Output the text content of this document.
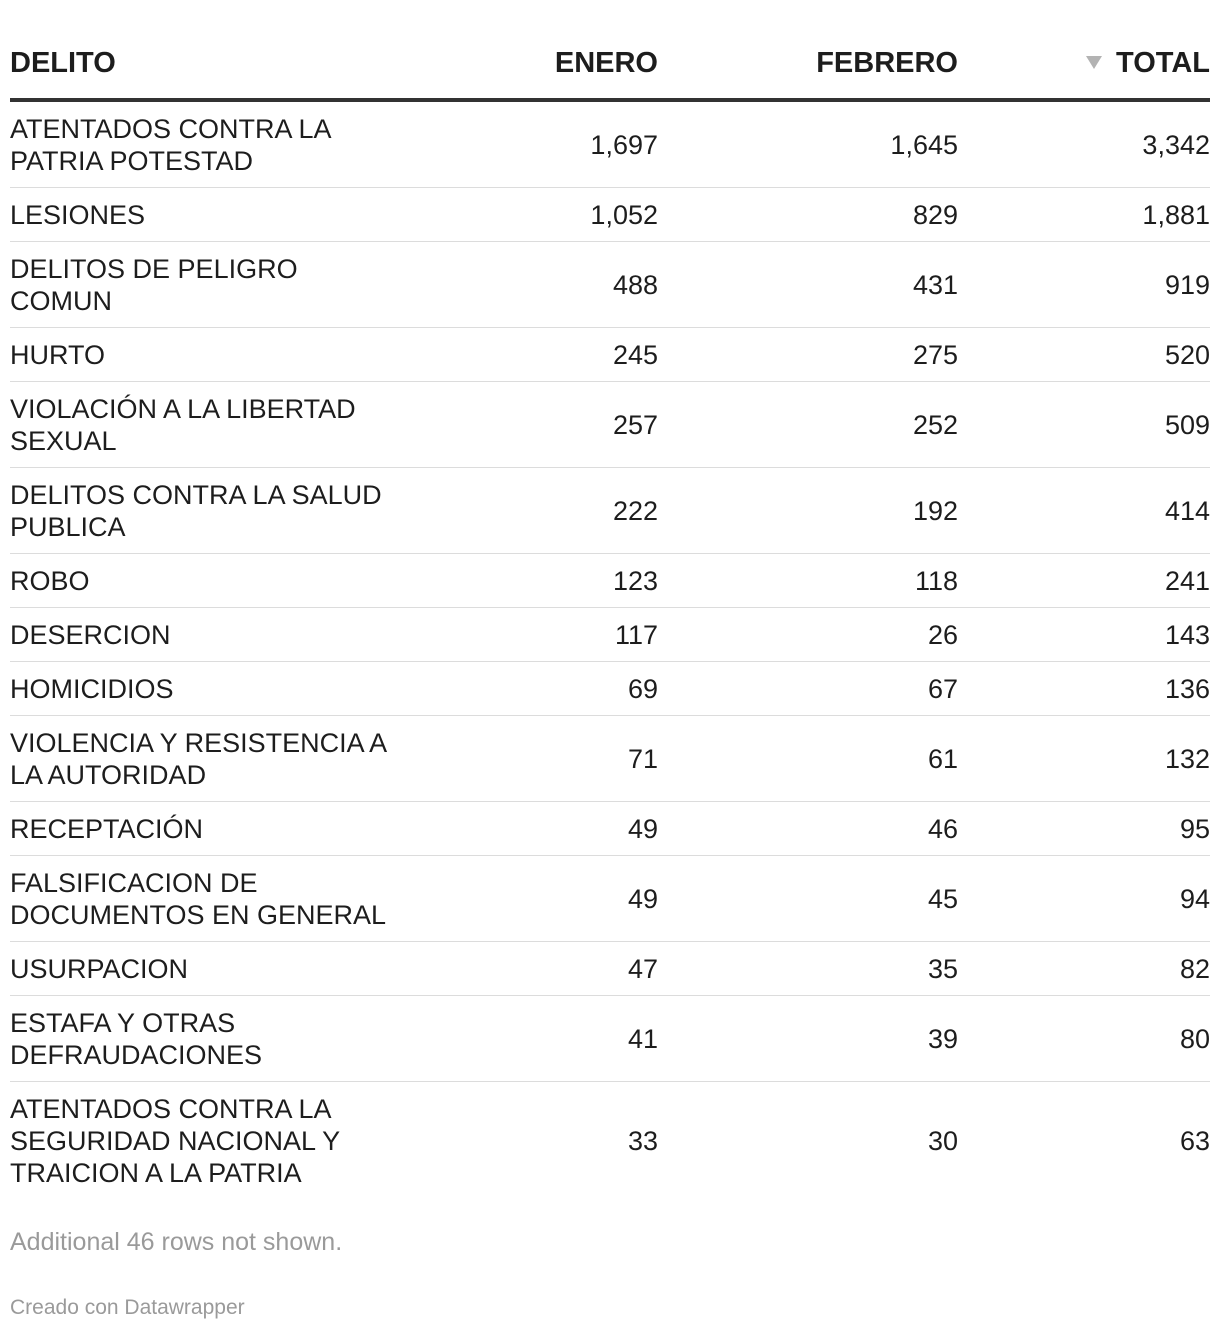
DELITO	ENERO	FEBRERO	TOTAL
ATENTADOS CONTRA LA PATRIA POTESTAD	1,697	1,645	3,342
LESIONES	1,052	829	1,881
DELITOS DE PELIGRO COMUN	488	431	919
HURTO	245	275	520
VIOLACIÓN A LA LIBERTAD SEXUAL	257	252	509
DELITOS CONTRA LA SALUD PUBLICA	222	192	414
ROBO	123	118	241
DESERCION	117	26	143
HOMICIDIOS	69	67	136
VIOLENCIA Y RESISTENCIA A LA AUTORIDAD	71	61	132
RECEPTACIÓN	49	46	95
FALSIFICACION DE DOCUMENTOS EN GENERAL	49	45	94
USURPACION	47	35	82
ESTAFA Y OTRAS DEFRAUDACIONES	41	39	80
ATENTADOS CONTRA LA SEGURIDAD NACIONAL Y TRAICION A LA PATRIA	33	30	63
Additional 46 rows not shown.
Creado con Datawrapper
